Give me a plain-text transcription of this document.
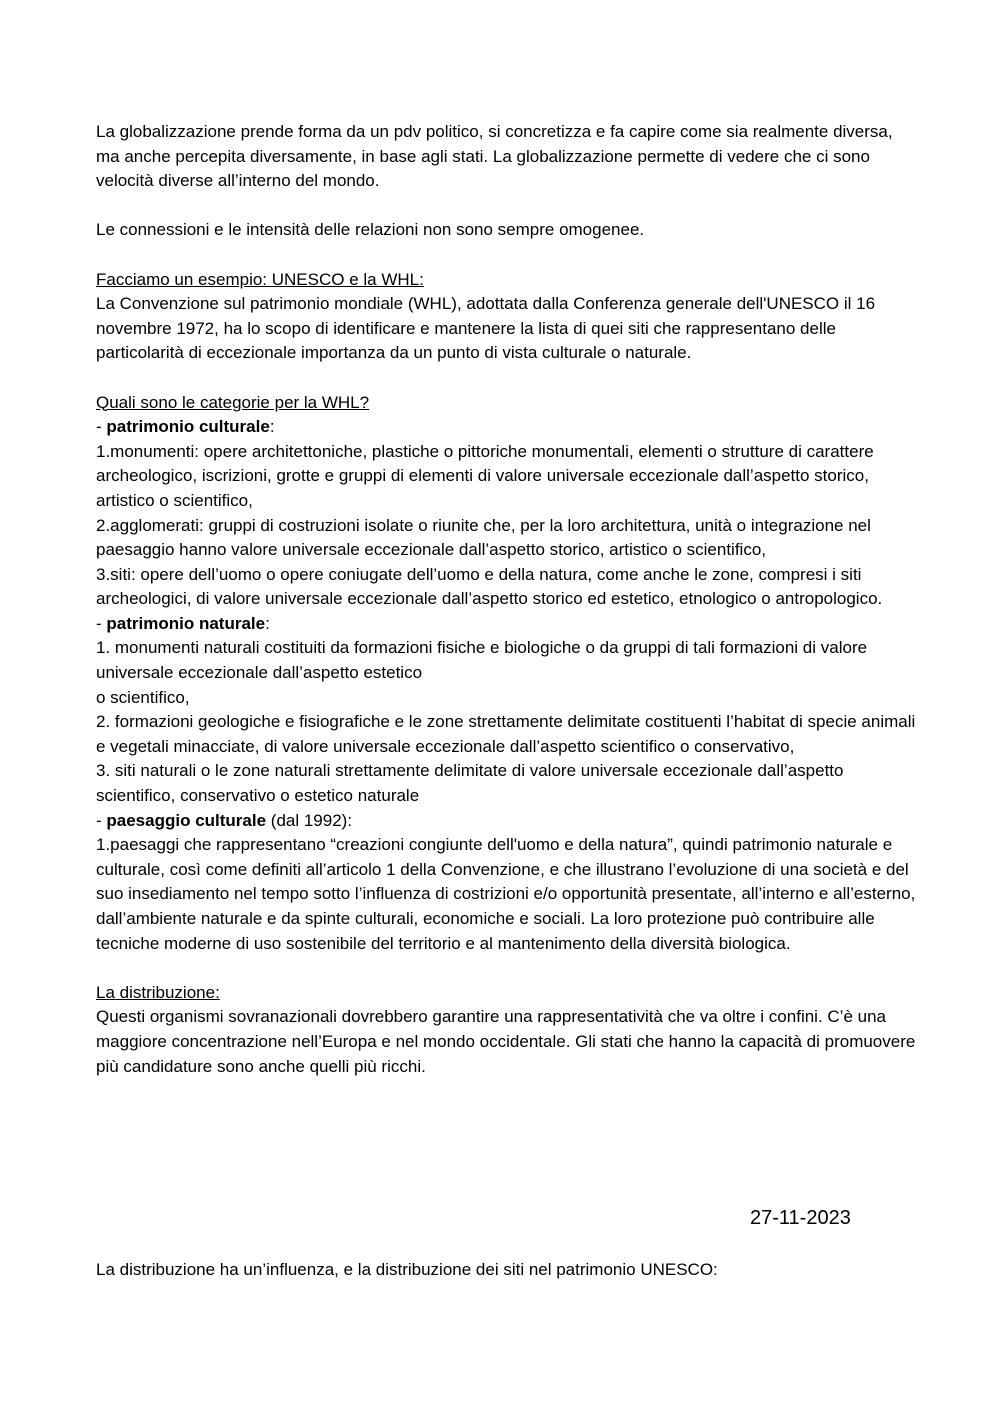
La globalizzazione prende forma da un pdv politico, si concretizza e fa capire come sia realmente diversa, ma anche percepita diversamente, in base agli stati. La globalizzazione permette di vedere che ci sono velocità diverse all’interno del mondo.

Le connessioni e le intensità delle relazioni non sono sempre omogenee.

Facciamo un esempio: UNESCO e la WHL:

La Convenzione sul patrimonio mondiale (WHL), adottata dalla Conferenza generale dell'UNESCO il 16 novembre 1972, ha lo scopo di identificare e mantenere la lista di quei siti che rappresentano delle particolarità di eccezionale importanza da un punto di vista culturale o naturale.

Quali sono le categorie per la WHL?

- patrimonio culturale:

1.monumenti: opere architettoniche, plastiche o pittoriche monumentali, elementi o strutture di carattere archeologico, iscrizioni, grotte e gruppi di elementi di valore universale eccezionale dall’aspetto storico, artistico o scientifico,

2.agglomerati: gruppi di costruzioni isolate o riunite che, per la loro architettura, unità o integrazione nel paesaggio hanno valore universale eccezionale dall’aspetto storico, artistico o scientifico,

3.siti: opere dell’uomo o opere coniugate dell’uomo e della natura, come anche le zone, compresi i siti archeologici, di valore universale eccezionale dall’aspetto storico ed estetico, etnologico o antropologico.

- patrimonio naturale:

1. monumenti naturali costituiti da formazioni fisiche e biologiche o da gruppi di tali formazioni di valore universale eccezionale dall’aspetto estetico

o scientifico,

2. formazioni geologiche e fisiografiche e le zone strettamente delimitate costituenti l’habitat di specie animali e vegetali minacciate, di valore universale eccezionale dall’aspetto scientifico o conservativo,

3. siti naturali o le zone naturali strettamente delimitate di valore universale eccezionale dall’aspetto scientifico, conservativo o estetico naturale

- paesaggio culturale (dal 1992):

1.paesaggi che rappresentano “creazioni congiunte dell'uomo e della natura”, quindi patrimonio naturale e culturale, così come definiti all’articolo 1 della Convenzione, e che illustrano l’evoluzione di una società e del suo insediamento nel tempo sotto l’influenza di costrizioni e/o opportunità presentate, all’interno e all’esterno, dall’ambiente naturale e da spinte culturali, economiche e sociali. La loro protezione può contribuire alle tecniche moderne di uso sostenibile del territorio e al mantenimento della diversità biologica.

La distribuzione:

Questi organismi sovranazionali dovrebbero garantire una rappresentatività che va oltre i confini. C’è una maggiore concentrazione nell’Europa e nel mondo occidentale. Gli stati che hanno la capacità di promuovere più candidature sono anche quelli più ricchi.

27-11-2023

La distribuzione ha un’influenza, e la distribuzione dei siti nel patrimonio UNESCO:
